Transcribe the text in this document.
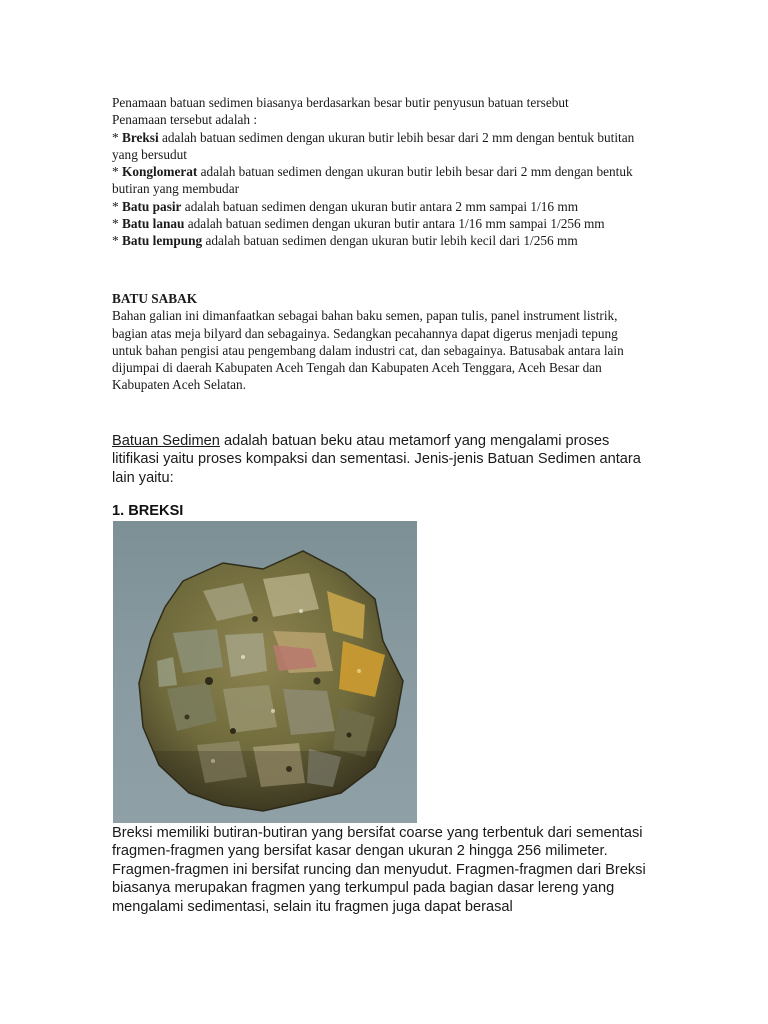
Penamaan batuan sedimen biasanya berdasarkan besar butir penyusun batuan tersebut

Penamaan tersebut adalah :

* Breksi adalah batuan sedimen dengan ukuran butir lebih besar dari 2 mm dengan bentuk butitan yang bersudut

* Konglomerat adalah batuan sedimen dengan ukuran butir lebih besar dari 2 mm dengan bentuk butiran yang membudar

* Batu pasir adalah batuan sedimen dengan ukuran butir antara 2 mm sampai 1/16 mm

* Batu lanau adalah batuan sedimen dengan ukuran butir antara 1/16 mm sampai 1/256 mm

* Batu lempung adalah batuan sedimen dengan ukuran butir lebih kecil dari 1/256 mm

BATU SABAK

Bahan galian ini dimanfaatkan sebagai bahan baku semen, papan tulis, panel instrument listrik, bagian atas meja bilyard dan sebagainya. Sedangkan pecahannya dapat digerus menjadi tepung untuk bahan pengisi atau pengembang dalam industri cat, dan sebagainya. Batusabak antara lain dijumpai di daerah Kabupaten Aceh Tengah dan Kabupaten Aceh Tenggara, Aceh Besar dan Kabupaten Aceh Selatan.

Batuan Sedimen adalah batuan beku atau metamorf yang mengalami proses litifikasi yaitu proses kompaksi dan sementasi. Jenis-jenis Batuan Sedimen antara lain yaitu:

1. BREKSI

Breksi memiliki butiran-butiran yang bersifat coarse yang terbentuk dari sementasi fragmen-fragmen yang bersifat kasar dengan ukuran 2 hingga 256 milimeter. Fragmen-fragmen ini bersifat runcing dan menyudut. Fragmen-fragmen dari Breksi biasanya merupakan fragmen yang terkumpul pada bagian dasar lereng yang mengalami sedimentasi, selain itu fragmen juga dapat berasal
